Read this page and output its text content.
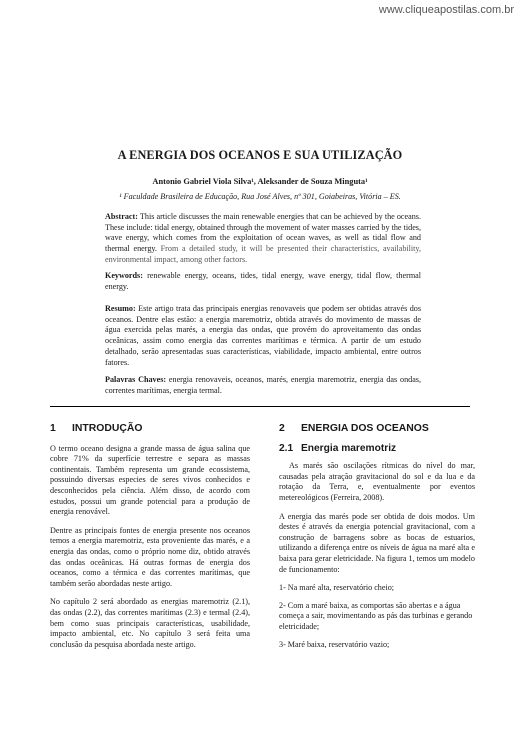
www.cliqueapostilas.com.br
A ENERGIA DOS OCEANOS E SUA UTILIZAÇÃO
Antonio Gabriel Viola Silva¹, Aleksander de Souza Minguta¹
¹ Faculdade Brasileira de Educação, Rua José Alves, nº 301, Goiabeiras, Vitória – ES.
Abstract: This article discusses the main renewable energies that can be achieved by the oceans. These include: tidal energy, obtained through the movement of water masses carried by the tides, wave energy, which comes from the exploitation of ocean waves, as well as tidal flow and thermal energy. From a detailed study, it will be presented their characteristics, availability, environmental impact, among other factors.
Keywords: renewable energy, oceans, tides, tidal energy, wave energy, tidal flow, thermal energy.
Resumo: Este artigo trata das principais energias renovaveis que podem ser obtidas através dos oceanos. Dentre elas estão: a energia maremotriz, obtida através do movimento de massas de água exercida pelas marés, a energia das ondas, que provém do aproveitamento das ondas oceânicas, assim como energia das correntes marítimas e térmica. A partir de um estudo detalhado, serão apresentadas suas características, viabilidade, impacto ambiental, entre outros fatores.
Palavras Chaves: energia renovaveis, oceanos, marés, energia maremotriz, energia das ondas, correntes marítimas, energia termal.
1 INTRODUÇÃO

O termo oceano designa a grande massa de água salina que cobre 71% da superfície terrestre e separa as massas continentais. Também representa um grande ecossistema, possuindo diversas especies de seres vivos conhecidos e desconhecidos pela ciência. Além disso, de acordo com estudos, possui um grande potencial para a produção de energia renovável.

Dentre as principais fontes de energia presente nos oceanos temos a energia maremotriz, esta proveniente das marés, e a energia das ondas, como o próprio nome diz, obtido através das ondas oceânicas. Há outras formas de energia dos oceanos, como a térmica e das correntes marítimas, que também serão abordadas neste artigo.

No capítulo 2 será abordado as energias maremotriz (2.1), das ondas (2.2), das correntes marítimas (2.3) e termal (2.4), bem como suas principais características, usabilidade, impacto ambiental, etc. No capítulo 3 será feita uma conclusão da pesquisa abordada neste artigo.

2 ENERGIA DOS OCEANOS
2.1 Energia maremotriz

As marés são oscilações rítmicas do nível do mar, causadas pela atração gravitacional do sol e da lua e da rotação da Terra, e, eventualmente por eventos metereológicos (Ferreira, 2008).

A energia das marés pode ser obtida de dois modos. Um destes é através da energia potencial gravitacional, com a construção de barragens sobre as bocas de estuarios, utilizando a diferença entre os níveis de água na maré alta e baixa para gerar eletricidade. Na figura 1, temos um modelo de funcionamento:

1- Na maré alta, reservatório cheio;

2- Com a maré baixa, as comportas são abertas e a água começa a sair, movimentando as pás das turbinas e gerando eletricidade;

3- Maré baixa, reservatório vazio;
